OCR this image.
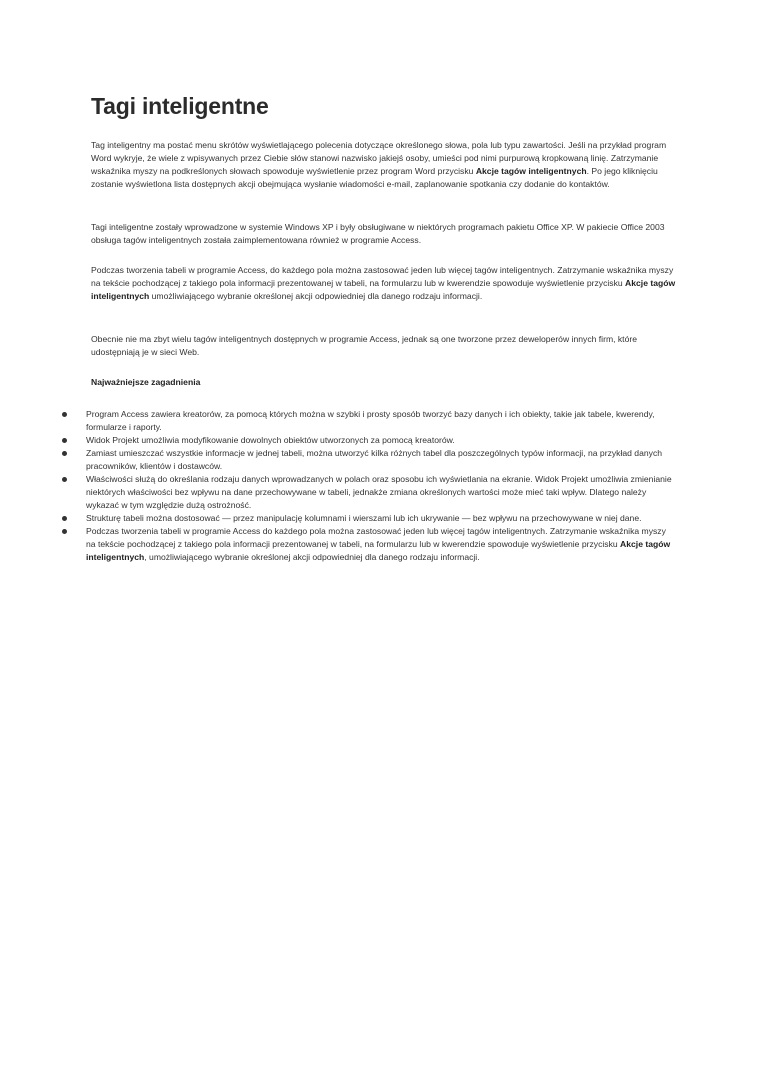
Tagi inteligentne

Tag inteligentny ma postać menu skrótów wyświetlającego polecenia dotyczące określonego słowa, pola lub typu zawartości. Jeśli na przykład program Word wykryje, że wiele z wpisywanych przez Ciebie słów stanowi nazwisko jakiejś osoby, umieści pod nimi purpurową kropkowaną linię. Zatrzymanie wskaźnika myszy na podkreślonych słowach spowoduje wyświetlenie przez program Word przycisku Akcje tagów inteligentnych. Po jego kliknięciu zostanie wyświetlona lista dostępnych akcji obejmująca wysłanie wiadomości e-mail, zaplanowanie spotkania czy dodanie do kontaktów.

Tagi inteligentne zostały wprowadzone w systemie Windows XP i były obsługiwane w niektórych programach pakietu Office XP. W pakiecie Office 2003 obsługa tagów inteligentnych została zaimplementowana również w programie Access.

Podczas tworzenia tabeli w programie Access, do każdego pola można zastosować jeden lub więcej tagów inteligentnych. Zatrzymanie wskaźnika myszy na tekście pochodzącej z takiego pola informacji prezentowanej w tabeli, na formularzu lub w kwerendzie spowoduje wyświetlenie przycisku Akcje tagów inteligentnych umożliwiającego wybranie określonej akcji odpowiedniej dla danego rodzaju informacji.

Obecnie nie ma zbyt wielu tagów inteligentnych dostępnych w programie Access, jednak są one tworzone przez deweloperów innych firm, które udostępniają je w sieci Web.

Najważniejsze zagadnienia

Program Access zawiera kreatorów, za pomocą których można w szybki i prosty sposób tworzyć bazy danych i ich obiekty, takie jak tabele, kwerendy, formularze i raporty.
Widok Projekt umożliwia modyfikowanie dowolnych obiektów utworzonych za pomocą kreatorów.
Zamiast umieszczać wszystkie informacje w jednej tabeli, można utworzyć kilka różnych tabel dla poszczególnych typów informacji, na przykład danych pracowników, klientów i dostawców.
Właściwości służą do określania rodzaju danych wprowadzanych w polach oraz sposobu ich wyświetlania na ekranie. Widok Projekt umożliwia zmienianie niektórych właściwości bez wpływu na dane przechowywane w tabeli, jednakże zmiana określonych wartości może mieć taki wpływ. Dlatego należy wykazać w tym względzie dużą ostrożność.
Strukturę tabeli można dostosować — przez manipulację kolumnami i wierszami lub ich ukrywanie — bez wpływu na przechowywane w niej dane.
Podczas tworzenia tabeli w programie Access do każdego pola można zastosować jeden lub więcej tagów inteligentnych. Zatrzymanie wskaźnika myszy na tekście pochodzącej z takiego pola informacji prezentowanej w tabeli, na formularzu lub w kwerendzie spowoduje wyświetlenie przycisku Akcje tagów inteligentnych, umożliwiającego wybranie określonej akcji odpowiedniej dla danego rodzaju informacji.
